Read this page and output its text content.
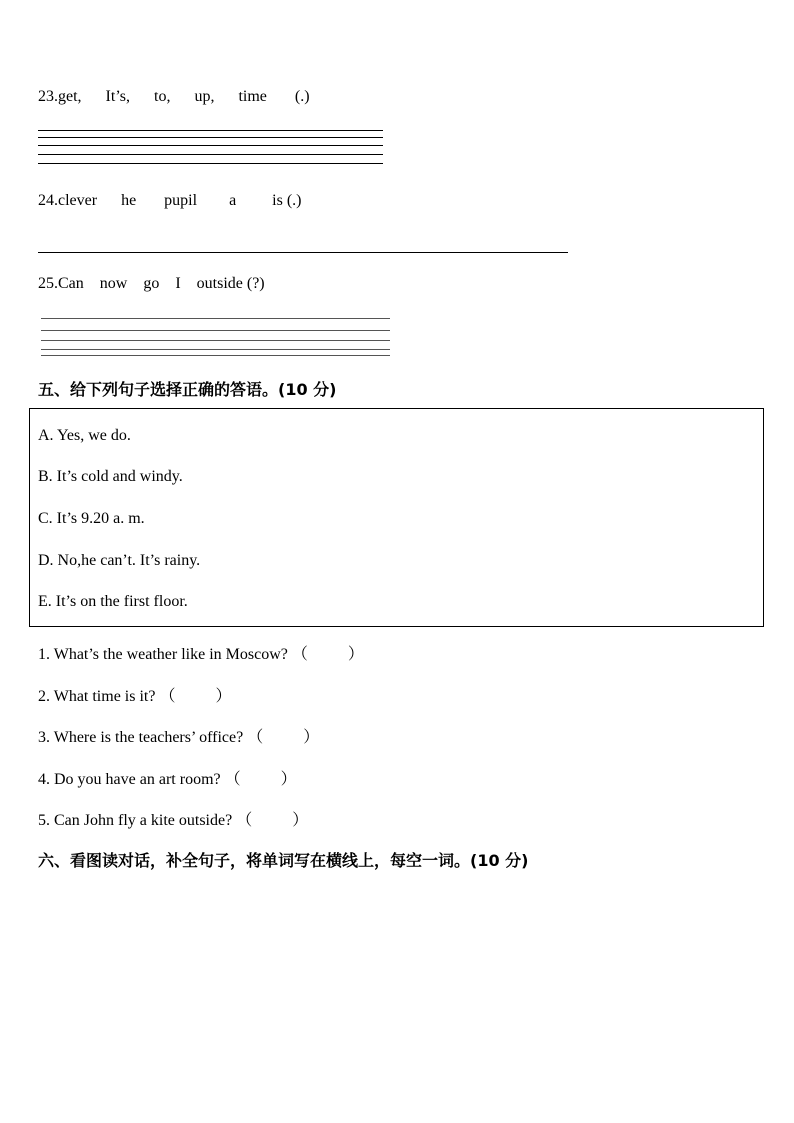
23.get,      It’s,      to,      up,      time       (.)
24.clever      he       pupil        a         is (.)
25.Can    now    go    I    outside (?)
五、给下列句子选择正确的答语。(10 分)
A. Yes, we do.
B. It’s cold and windy.
C. It’s 9.20 a. m.
D. No,he can’t. It’s rainy.
E. It’s on the first floor.
1. What’s the weather like in Moscow? （          ）
2. What time is it? （          ）
3. Where is the teachers’ office? （          ）
4. Do you have an art room? （          ）
5. Can John fly a kite outside? （          ）
六、看图读对话，补全句子，将单词写在横线上，每空一词。(10 分)
